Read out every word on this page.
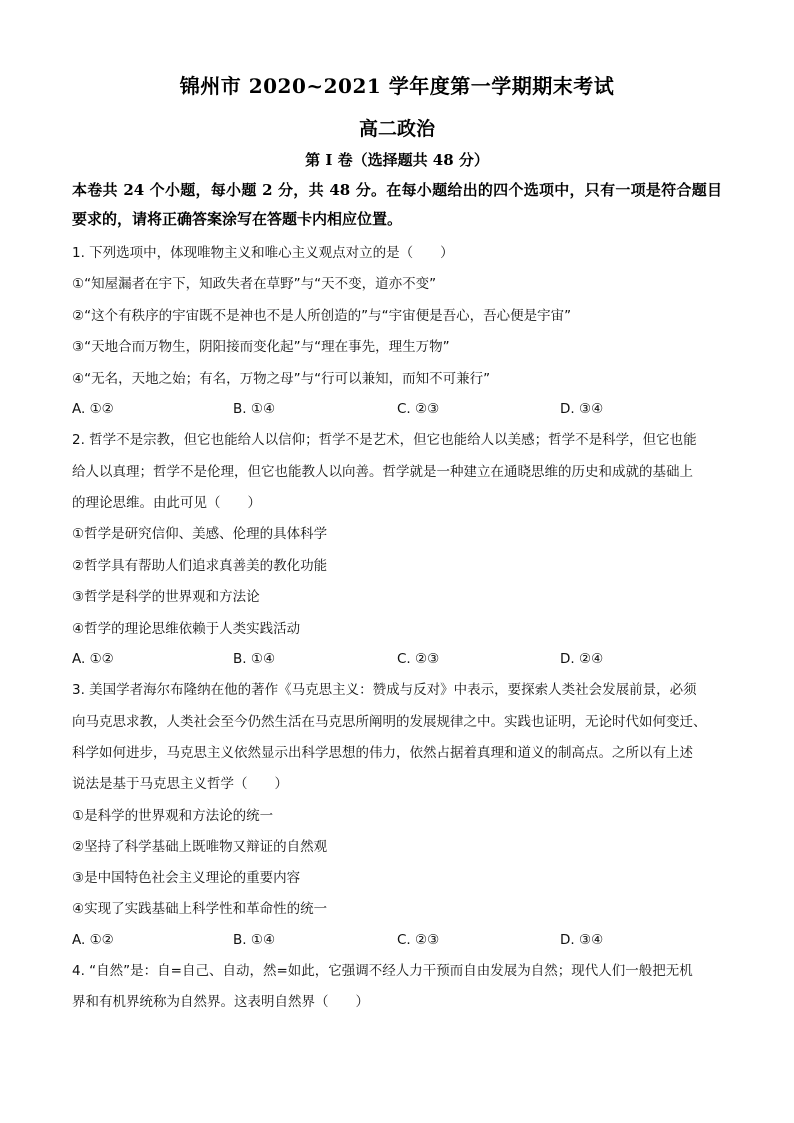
锦州市 2020~2021 学年度第一学期期末考试
高二政治
第 I 卷（选择题共 48 分）
本卷共 24 个小题，每小题 2 分，共 48 分。在每小题给出的四个选项中，只有一项是符合题目要求的，请将正确答案涂写在答题卡内相应位置。
1. 下列选项中，体现唯物主义和唯心主义观点对立的是（　　）
①“知屋漏者在宇下，知政失者在草野”与“天不变，道亦不变”
②“这个有秩序的宇宙既不是神也不是人所创造的”与“宇宙便是吾心，吾心便是宇宙”
③“天地合而万物生，阴阳接而变化起”与“理在事先，理生万物”
④“无名，天地之始；有名，万物之母”与“行可以兼知，而知不可兼行”
A. ①②	B. ①④	C. ②③	D. ③④
2. 哲学不是宗教，但它也能给人以信仰；哲学不是艺术，但它也能给人以美感；哲学不是科学，但它也能
给人以真理；哲学不是伦理，但它也能教人以向善。哲学就是一种建立在通晓思维的历史和成就的基础上
的理论思维。由此可见（　　）
①哲学是研究信仰、美感、伦理的具体科学
②哲学具有帮助人们追求真善美的教化功能
③哲学是科学的世界观和方法论
④哲学的理论思维依赖于人类实践活动
A. ①②	B. ①④	C. ②③	D. ②④
3. 美国学者海尔布隆纳在他的著作《马克思主义：赞成与反对》中表示，要探索人类社会发展前景，必须
向马克思求教，人类社会至今仍然生活在马克思所阐明的发展规律之中。实践也证明，无论时代如何变迁、
科学如何进步，马克思主义依然显示出科学思想的伟力，依然占据着真理和道义的制高点。之所以有上述
说法是基于马克思主义哲学（　　）
①是科学的世界观和方法论的统一
②坚持了科学基础上既唯物又辩证的自然观
③是中国特色社会主义理论的重要内容
④实现了实践基础上科学性和革命性的统一
A. ①②	B. ①④	C. ②③	D. ③④
4. “自然”是：自=自己、自动，然=如此，它强调不经人力干预而自由发展为自然；现代人们一般把无机
界和有机界统称为自然界。这表明自然界（　　）
